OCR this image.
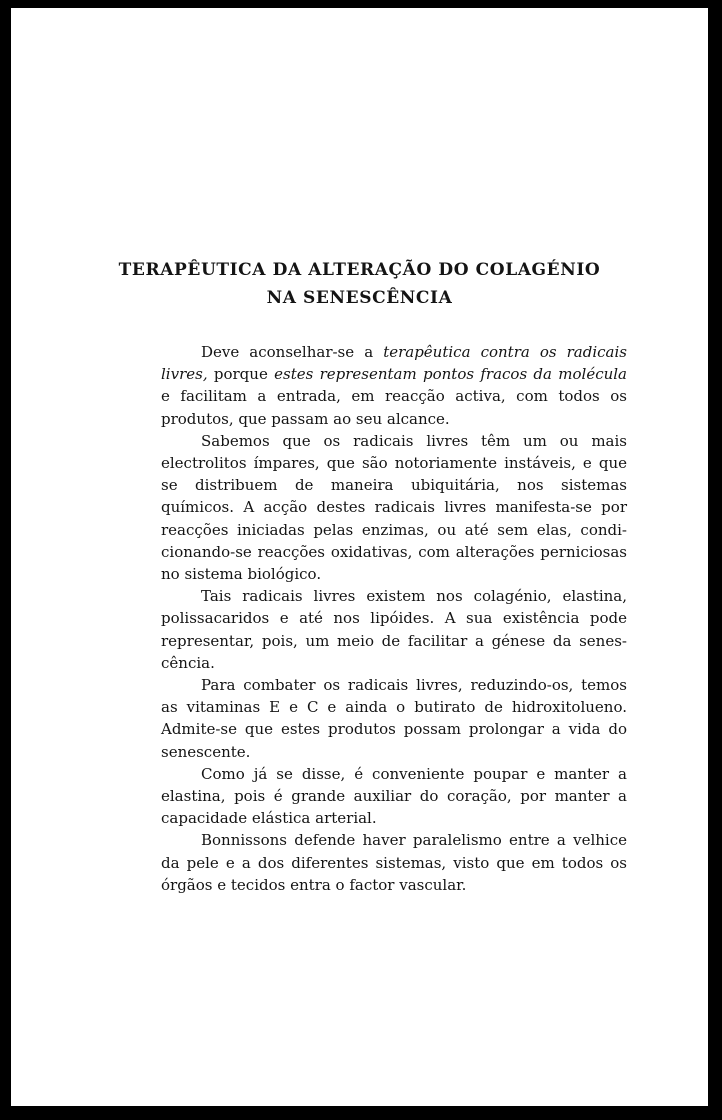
TERAPÊUTICA DA ALTERAÇÃO DO COLAGÉNIO
NA SENESCÊNCIA

Deve aconselhar-se a terapêutica contra os radicais livres, porque estes representam pontos fracos da molécula e facilitam a entrada, em reacção activa, com todos os produtos, que passam ao seu alcance.

Sabemos que os radicais livres têm um ou mais electrolitos ímpares, que são notoriamente instáveis, e que se distribuem de maneira ubiquitária, nos sistemas químicos. A acção destes radicais livres manifesta-se por reacções iniciadas pelas enzimas, ou até sem elas, condicionando-se reacções oxidativas, com alterações perniciosas no sistema biológico.

Tais radicais livres existem nos colagénio, elastina, polissacaridos e até nos lipóides. A sua existência pode representar, pois, um meio de facilitar a génese da senescência.

Para combater os radicais livres, reduzindo-os, temos as vitaminas E e C e ainda o butirato de hidroxitolueno. Admite-se que estes produtos possam prolongar a vida do senescente.

Como já se disse, é conveniente poupar e manter a elastina, pois é grande auxiliar do coração, por manter a capacidade elástica arterial.

Bonnissons defende haver paralelismo entre a velhice da pele e a dos diferentes sistemas, visto que em todos os órgãos e tecidos entra o factor vascular.
